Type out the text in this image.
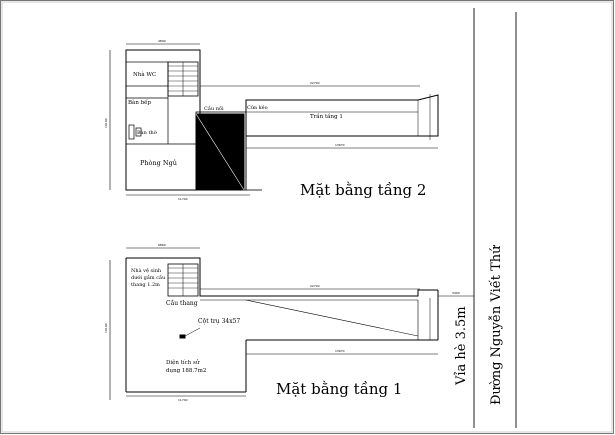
Vỉa hè 3.5m Đường Nguyễn Viết Thứ
Nhà WC
Bàn bếp
Bàn thờ
Phòng Ngủ
Cầu nối	Cửa kéo
Trần tầng 1
4890
22740
13670
10160
11740	Mặt bằng tầng 2
Nhà vệ sinh dưới gầm cầu thang 1.2m
Cầu thang
Cột trụ 34x57
Diện tích sử dụng 188.7m2
6860
22740
3400
13670
10160
11740
Mặt bằng tầng 1
